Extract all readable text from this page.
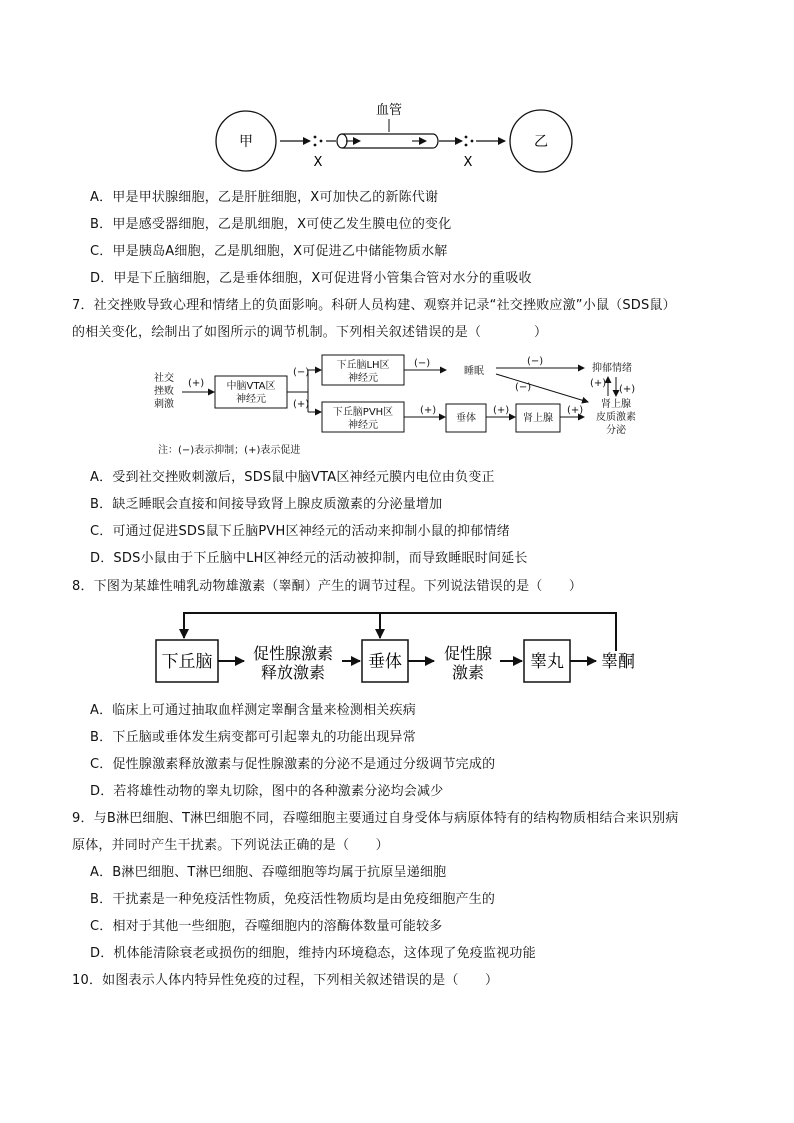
甲
X
血管
X
乙
A．甲是甲状腺细胞，乙是肝脏细胞，X可加快乙的新陈代谢
B．甲是感受器细胞，乙是肌细胞，X可使乙发生膜电位的变化
C．甲是胰岛A细胞，乙是肌细胞，X可促进乙中储能物质水解
D．甲是下丘脑细胞，乙是垂体细胞，X可促进肾小管集合管对水分的重吸收
7．社交挫败导致心理和情绪上的负面影响。科研人员构建、观察并记录“社交挫败应激”小鼠（SDS鼠）
的相关变化，绘制出了如图所示的调节机制。下列相关叙述错误的是（　　　　）
社交
挫败
刺激
(+) 中脑VTA区
神经元
(−)
(+)
下丘脑LH区
神经元
下丘脑PVH区
神经元
(−)
睡眠
(−)
(−)
抑郁情绪
(+)
(+)
肾上腺
皮质激素
分泌
(+)
垂体
(+)
肾上腺
(+)
注：(−)表示抑制；(+)表示促进
A．受到社交挫败刺激后，SDS鼠中脑VTA区神经元膜内电位由负变正
B．缺乏睡眠会直接和间接导致肾上腺皮质激素的分泌量增加
C．可通过促进SDS鼠下丘脑PVH区神经元的活动来抑制小鼠的抑郁情绪
D．SDS小鼠由于下丘脑中LH区神经元的活动被抑制，而导致睡眠时间延长
8．下图为某雄性哺乳动物雄激素（睾酮）产生的调节过程。下列说法错误的是（　　）
下丘脑	促性腺激素
释放激素
垂体	促性腺
激素
睾丸 睾酮
A．临床上可通过抽取血样测定睾酮含量来检测相关疾病
B．下丘脑或垂体发生病变都可引起睾丸的功能出现异常
C．促性腺激素释放激素与促性腺激素的分泌不是通过分级调节完成的
D．若将雄性动物的睾丸切除，图中的各种激素分泌均会减少
9．与B淋巴细胞、T淋巴细胞不同，吞噬细胞主要通过自身受体与病原体特有的结构物质相结合来识别病
原体，并同时产生干扰素。下列说法正确的是（　　）
A．B淋巴细胞、T淋巴细胞、吞噬细胞等均属于抗原呈递细胞
B．干扰素是一种免疫活性物质，免疫活性物质均是由免疫细胞产生的
C．相对于其他一些细胞，吞噬细胞内的溶酶体数量可能较多
D．机体能清除衰老或损伤的细胞，维持内环境稳态，这体现了免疫监视功能
10．如图表示人体内特异性免疫的过程，下列相关叙述错误的是（　　）
